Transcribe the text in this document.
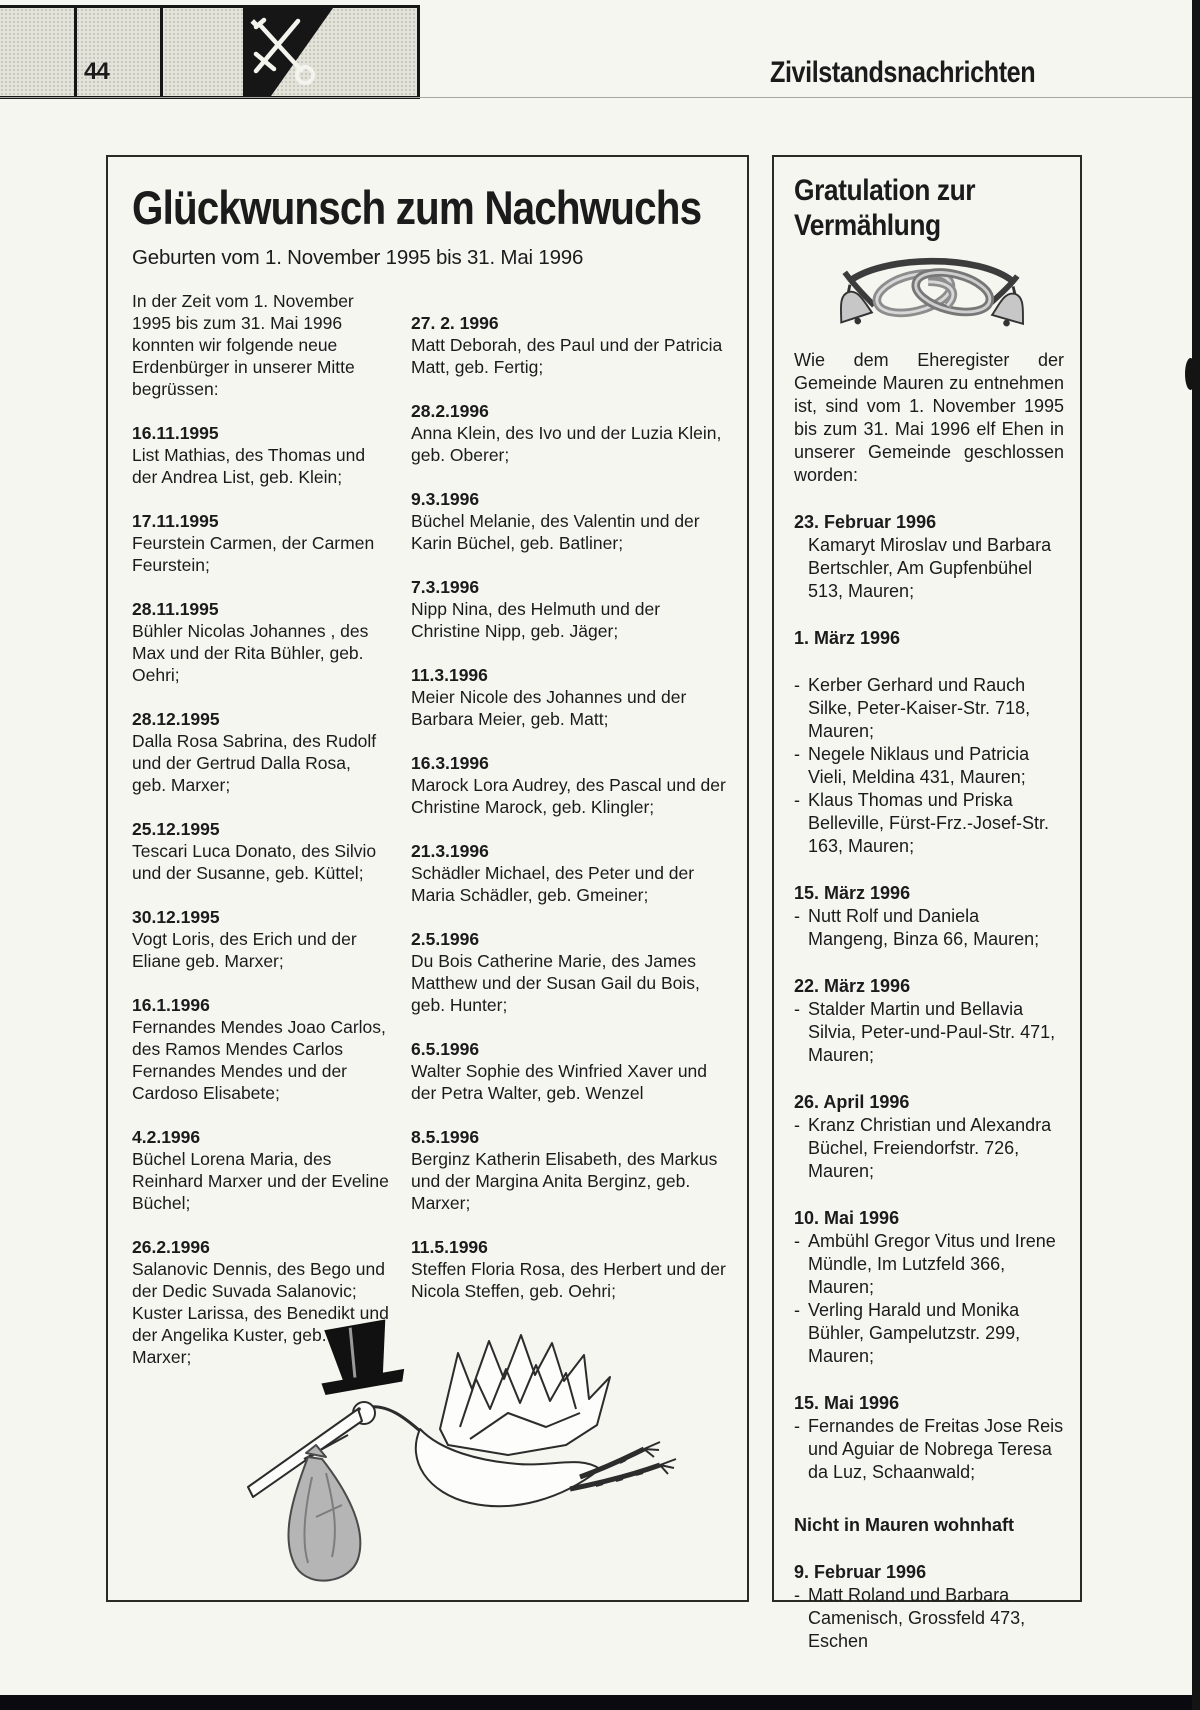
44	Zivilstandsnachrichten
Glückwunsch zum Nachwuchs
Geburten vom 1. November 1995 bis 31. Mai 1996

In der Zeit vom 1. November 1995 bis zum 31. Mai 1996 konnten wir folgende neue Erdenbürger in unserer Mitte begrüssen:

16.11.1995
List Mathias, des Thomas und der Andrea List, geb. Klein;
17.11.1995
Feurstein Carmen, der Carmen Feurstein;
28.11.1995
Bühler Nicolas Johannes , des Max und der Rita Bühler, geb. Oehri;
28.12.1995
Dalla Rosa Sabrina, des Rudolf und der Gertrud Dalla Rosa, geb. Marxer;
25.12.1995
Tescari Luca Donato, des Silvio und der Susanne, geb. Küttel;
30.12.1995
Vogt Loris, des Erich und der Eliane geb. Marxer;
16.1.1996
Fernandes Mendes Joao Carlos, des Ramos Mendes Carlos Fernandes Mendes und der Cardoso Elisabete;
4.2.1996
Büchel Lorena Maria, des Reinhard Marxer und der Eveline Büchel;
26.2.1996
Salanovic Dennis, des Bego und der Dedic Suvada Salanovic;
Kuster Larissa, des Benedikt und der Angelika Kuster, geb. Marxer;
27. 2. 1996
Matt Deborah, des Paul und der Patricia Matt, geb. Fertig;
28.2.1996
Anna Klein, des Ivo und der Luzia Klein, geb. Oberer;
9.3.1996
Büchel Melanie, des Valentin und der Karin Büchel, geb. Batliner;
7.3.1996
Nipp Nina, des Helmuth und der Christine Nipp, geb. Jäger;
11.3.1996
Meier Nicole des Johannes und der Barbara Meier, geb. Matt;
16.3.1996
Marock Lora Audrey, des Pascal und der Christine Marock, geb. Klingler;
21.3.1996
Schädler Michael, des Peter und der Maria Schädler, geb. Gmeiner;
2.5.1996
Du Bois Catherine Marie, des James Matthew und der Susan Gail du Bois, geb. Hunter;
6.5.1996
Walter Sophie des Winfried Xaver und der Petra Walter, geb. Wenzel
8.5.1996
Berginz Katherin Elisabeth, des Markus und der Margina Anita Berginz, geb. Marxer;
11.5.1996
Steffen Floria Rosa, des Herbert und der Nicola Steffen, geb. Oehri;
Gratulation zur
Vermählung

Wie dem Eheregister der Gemeinde Mauren zu entnehmen ist, sind vom 1. November 1995 bis zum 31. Mai 1996 elf Ehen in unserer Gemeinde geschlossen worden:

23. Februar 1996
Kamaryt Miroslav und Barbara Bertschler, Am Gupfenbühel 513, Mauren;
1. März 1996
- Kerber Gerhard und Rauch Silke, Peter-Kaiser-Str. 718, Mauren;
- Negele Niklaus und Patricia Vieli, Meldina 431, Mauren;
- Klaus Thomas und Priska Belleville, Fürst-Frz.-Josef-Str. 163, Mauren;
15. März 1996
- Nutt Rolf und Daniela Mangeng, Binza 66, Mauren;
22. März 1996
- Stalder Martin und Bellavia Silvia, Peter-und-Paul-Str. 471, Mauren;
26. April 1996
- Kranz Christian und Alexandra Büchel, Freiendorfstr. 726, Mauren;
10. Mai 1996
- Ambühl Gregor Vitus und Irene Mündle, Im Lutzfeld 366, Mauren;
- Verling Harald und Monika Bühler, Gampelutzstr. 299, Mauren;
15. Mai 1996
- Fernandes de Freitas Jose Reis und Aguiar de Nobrega Teresa da Luz, Schaanwald;
Nicht in Mauren wohnhaft
9. Februar 1996
- Matt Roland und Barbara Camenisch, Grossfeld 473, Eschen
